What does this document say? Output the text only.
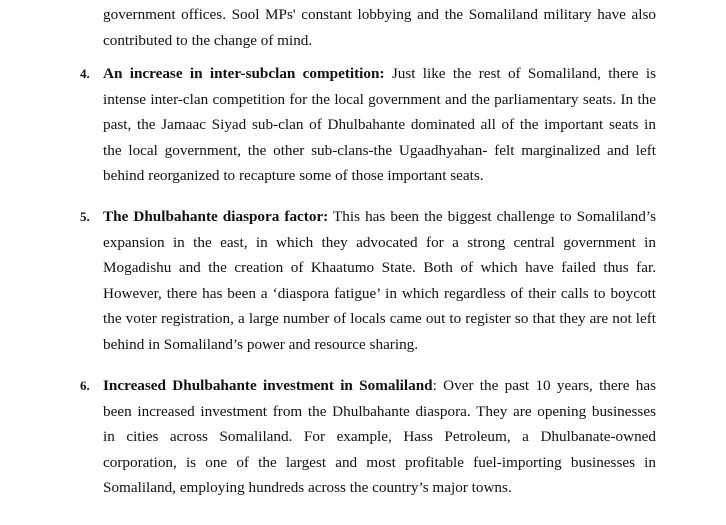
government offices. Sool MPs' constant lobbying and the Somaliland military have also
contributed to the change of mind.
4. An increase in inter-subclan competition: Just like the rest of Somaliland, there is
intense inter-clan competition for the local government and the parliamentary seats. In the
past, the Jamaac Siyad sub-clan of Dhulbahante dominated all of the important seats in
the local government, the other sub-clans-the Ugaadhyahan- felt marginalized and left
behind reorganized to recapture some of those important seats.
5. The Dhulbahante diaspora factor: This has been the biggest challenge to Somaliland’s
expansion in the east, in which they advocated for a strong central government in
Mogadishu and the creation of Khaatumo State. Both of which have failed thus far.
However, there has been a ‘diaspora fatigue’ in which regardless of their calls to boycott
the voter registration, a large number of locals came out to register so that they are not left
behind in Somaliland’s power and resource sharing.
6. Increased Dhulbahante investment in Somaliland: Over the past 10 years, there has
been increased investment from the Dhulbahante diaspora. They are opening businesses
in cities across Somaliland. For example, Hass Petroleum, a Dhulbanate-owned
corporation, is one of the largest and most profitable fuel-importing businesses in
Somaliland, employing hundreds across the country’s major towns.
